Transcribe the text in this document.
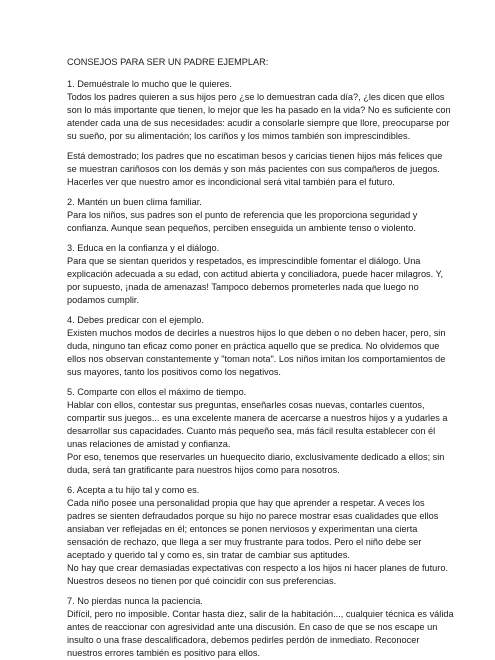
CONSEJOS PARA SER UN PADRE EJEMPLAR:
1. Demuéstrale lo mucho que le quieres.
Todos los padres quieren a sus hijos pero ¿se lo demuestran cada día?, ¿les dicen que ellos
son lo más importante que tienen, lo mejor que les ha pasado en la vida? No es suficiente con
atender cada una de sus necesidades: acudir a consolarle siempre que llore, preocuparse por
su sueño, por su alimentación; los cariños y los mimos también son imprescindibles.
Está demostrado; los padres que no escatiman besos y caricias tienen hijos más felices que
se muestran cariñosos con los demás y son más pacientes con sus compañeros de juegos.
Hacerles ver que nuestro amor es incondicional será vital también para el futuro.
2. Mantén un buen clima familiar.
Para los niños, sus padres son el punto de referencia que les proporciona seguridad y
confianza. Aunque sean pequeños, perciben enseguida un ambiente tenso o violento.
3. Educa en la confianza y el diálogo.
Para que se sientan queridos y respetados, es imprescindible fomentar el diálogo. Una
explicación adecuada a su edad, con actitud abierta y conciliadora, puede hacer milagros. Y,
por supuesto, ¡nada de amenazas! Tampoco debemos prometerles nada que luego no
podamos cumplir.
4. Debes predicar con el ejemplo.
Existen muchos modos de decirles a nuestros hijos lo que deben o no deben hacer, pero, sin
duda, ninguno tan eficaz como poner en práctica aquello que se predica. No olvidemos que
ellos nos observan constantemente y "toman nota". Los niños imitan los comportamientos de
sus mayores, tanto los positivos como los negativos.
5. Comparte con ellos el máximo de tiempo.
Hablar con ellos, contestar sus preguntas, enseñarles cosas nuevas, contarles cuentos,
compartir sus juegos... es una excelente manera de acercarse a nuestros hijos y a yudarles a
desarrollar sus capacidades. Cuanto más pequeño sea, más fácil resulta establecer con él
unas relaciones de amistad y confianza.
Por eso, tenemos que reservarles un huequecito diario, exclusivamente dedicado a ellos; sin
duda, será tan gratificante para nuestros hijos como para nosotros.
6. Acepta a tu hijo tal y como es.
Cada niño posee una personalidad propia que hay que aprender a respetar. A veces los
padres se sienten defraudados porque su hijo no parece mostrar esas cualidades que ellos
ansiaban ver reflejadas en él; entonces se ponen nerviosos y experimentan una cierta
sensación de rechazo, que llega a ser muy frustrante para todos. Pero el niño debe ser
aceptado y querido tal y como es, sin tratar de cambiar sus aptitudes.
No hay que crear demasiadas expectativas con respecto a los hijos ni hacer planes de futuro.
Nuestros deseos no tienen por qué coincidir con sus preferencias.
7. No pierdas nunca la paciencia.
Difícil, pero no imposible. Contar hasta diez, salir de la habitación..., cualquier técnica es válida
antes de reaccionar con agresividad ante una discusión. En caso de que se nos escape un
insulto o una frase descalificadora, debemos pedirles perdón de inmediato. Reconocer
nuestros errores también es positivo para ellos.
